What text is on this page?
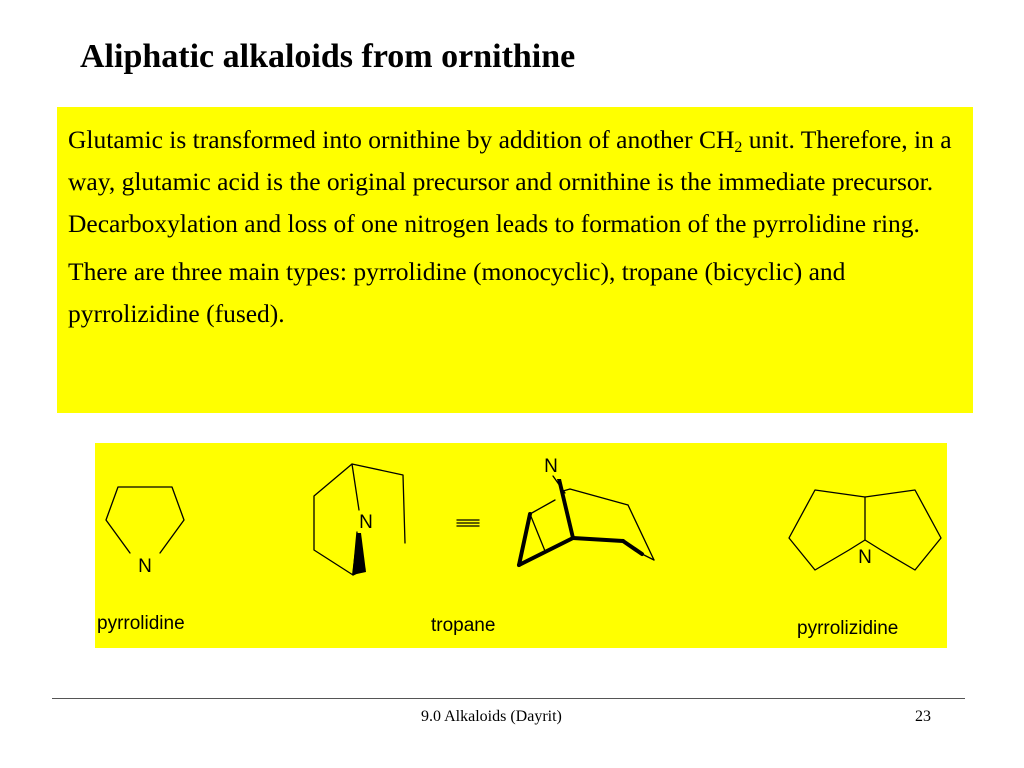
Aliphatic alkaloids from ornithine

Glutamic is transformed into ornithine by addition of another $CH_2$ unit. Therefore, in a way, glutamic acid is the original precursor and ornithine is the immediate precursor. Decarboxylation and loss of one nitrogen leads to formation of the pyrrolidine ring.

There are three main types: pyrrolidine (monocyclic), tropane (bicyclic) and pyrrolizidine (fused).

N
N
N
N
pyrrolidine	tropane	pyrrolizidine
9.0 Alkaloids (Dayrit)	23
